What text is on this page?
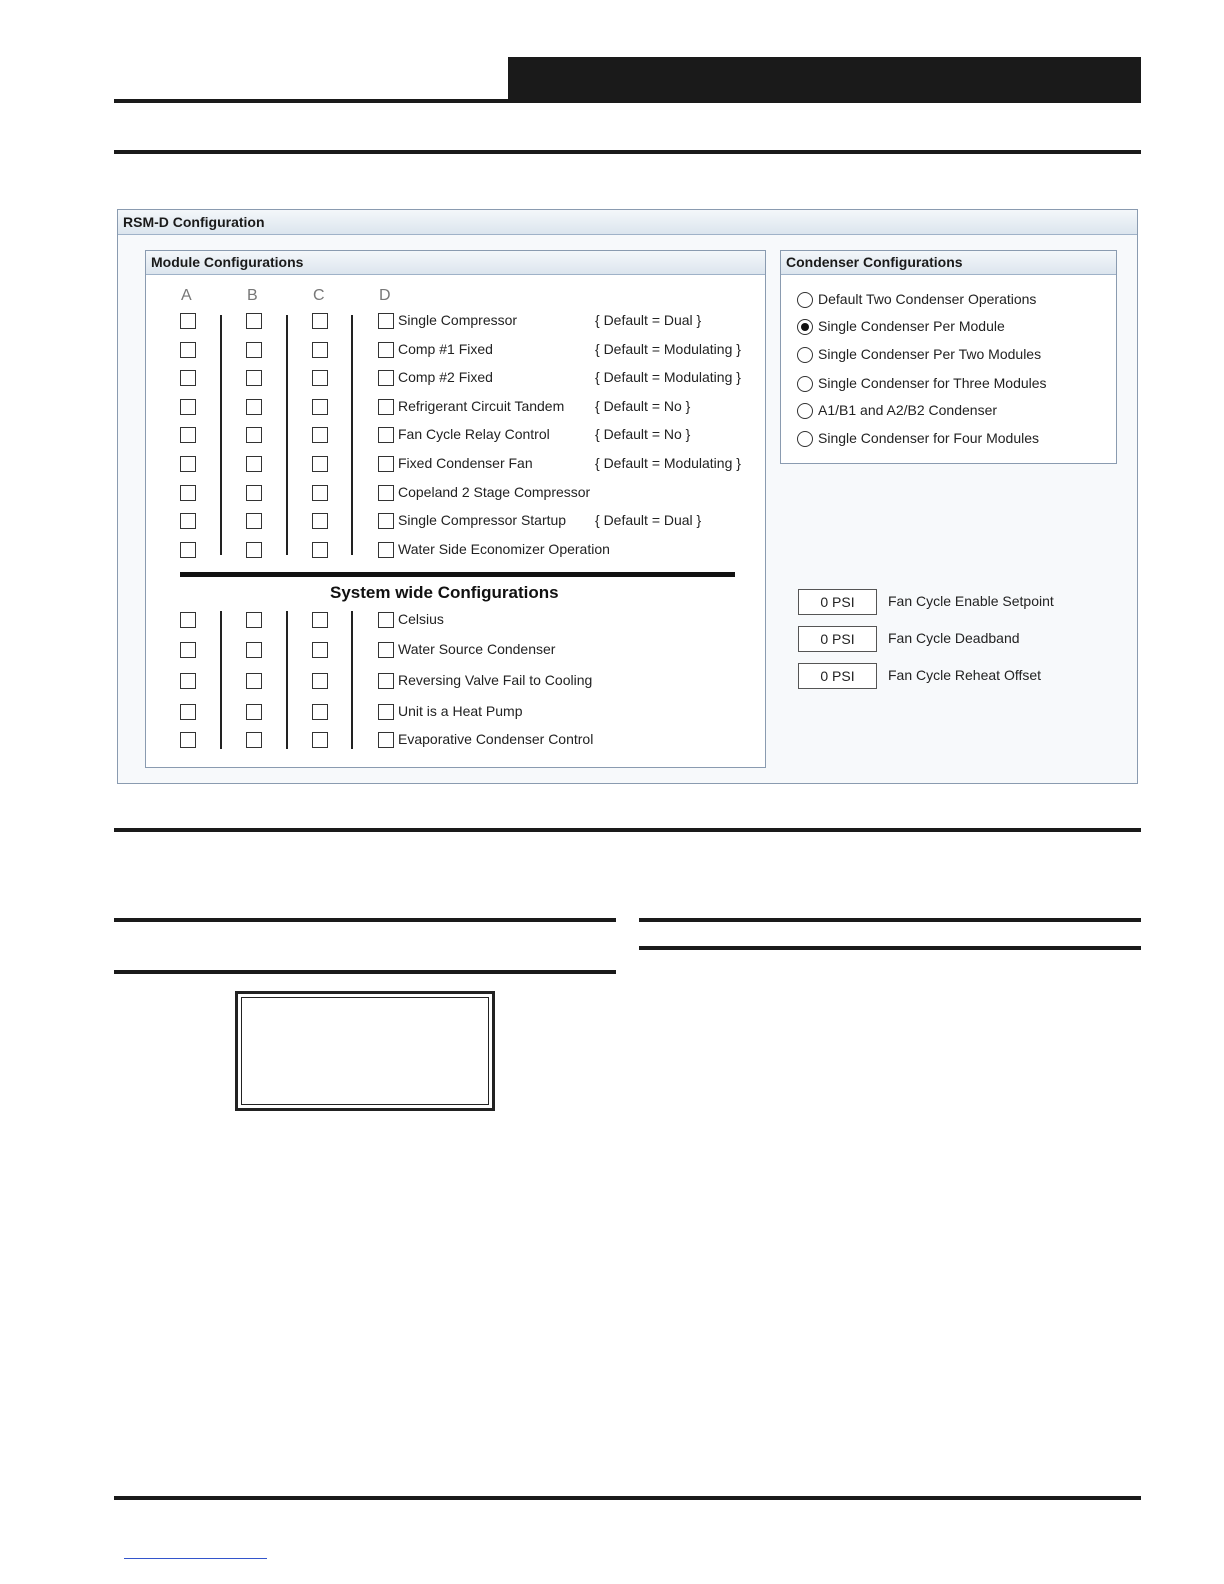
RSM-D Configuration
Module Configurations
A	B	C	D
Single Compressor	{ Default = Dual }
Comp #1 Fixed	{ Default = Modulating }
Comp #2 Fixed	{ Default = Modulating }
Refrigerant Circuit Tandem { Default = No }
Fan Cycle Relay Control	{ Default = No }
Fixed Condenser Fan	{ Default = Modulating }
Copeland 2 Stage Compressor
Single Compressor Startup { Default = Dual }
Water Side Economizer Operation
System wide Configurations
Celsius
Water Source Condenser
Reversing Valve Fail to Cooling
Unit is a Heat Pump
Evaporative Condenser Control
Condenser Configurations
Default Two Condenser Operations
Single Condenser Per Module
Single Condenser Per Two Modules
Single Condenser for Three Modules
A1/B1 and A2/B2 Condenser
Single Condenser for Four Modules
0 PSI	Fan Cycle Enable Setpoint
0 PSI	Fan Cycle Deadband
0 PSI	Fan Cycle Reheat Offset
